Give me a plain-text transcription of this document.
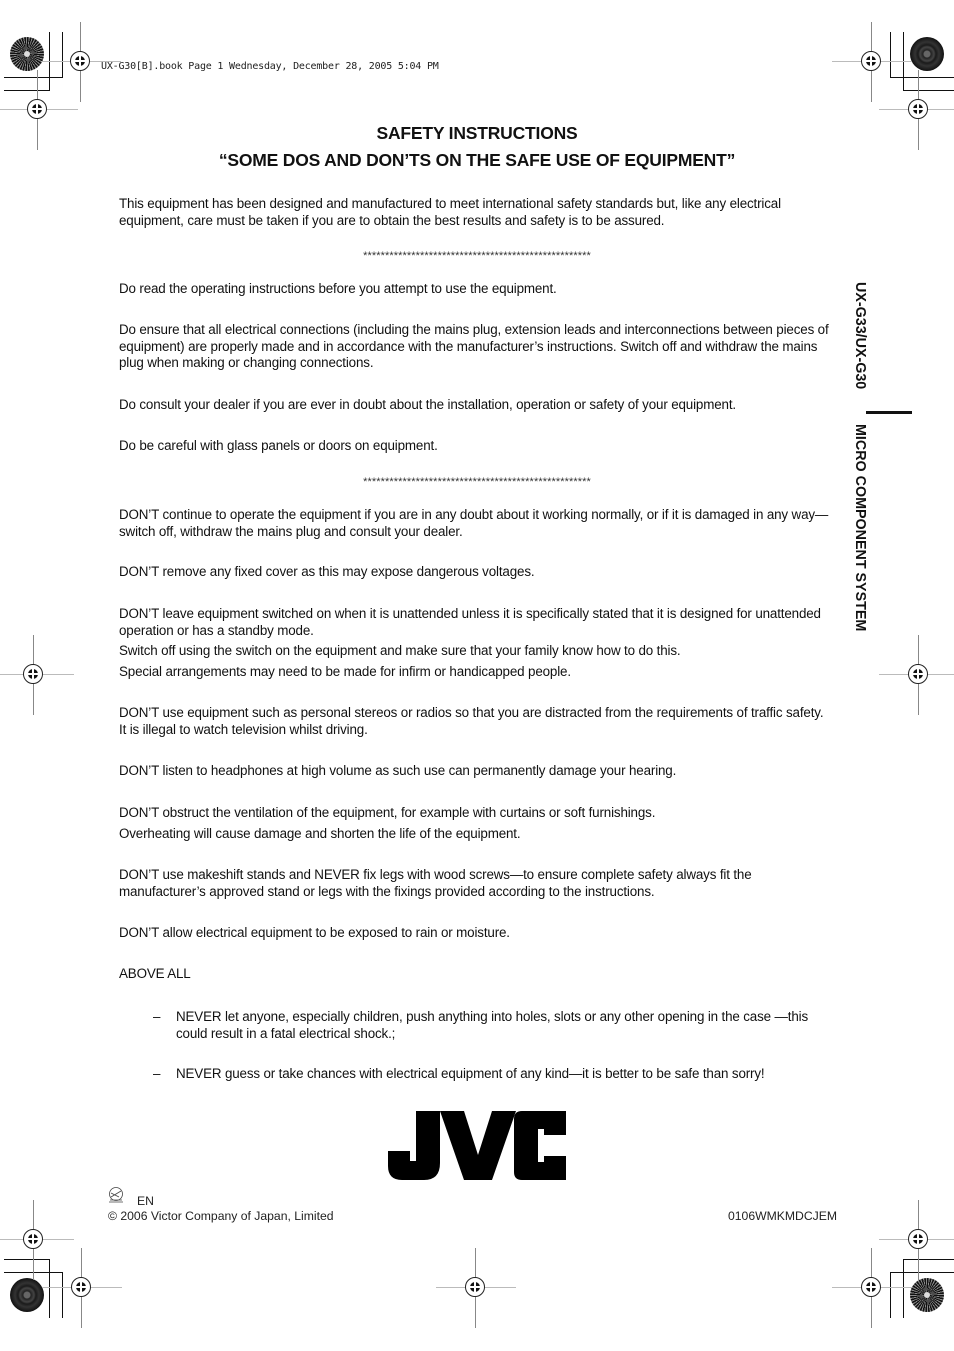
UX-G30[B].book Page 1 Wednesday, December 28, 2005 5:04 PM
SAFETY INSTRUCTIONS
“SOME DOS AND DON’TS ON THE SAFE USE OF EQUIPMENT”
This equipment has been designed and manufactured to meet international safety standards but, like any electrical equipment, care must be taken if you are to obtain the best results and safety is to be assured.
****************************************************
Do read the operating instructions before you attempt to use the equipment.
Do ensure that all electrical connections (including the mains plug, extension leads and interconnections between pieces of equipment) are properly made and in accordance with the manufacturer’s instructions. Switch off and withdraw the mains plug when making or changing connections.
Do consult your dealer if you are ever in doubt about the installation, operation or safety of your equipment.
Do be careful with glass panels or doors on equipment.
****************************************************
DON’T continue to operate the equipment if you are in any doubt about it working normally, or if it is damaged in any way—switch off, withdraw the mains plug and consult your dealer.
DON’T remove any fixed cover as this may expose dangerous voltages.
DON’T leave equipment switched on when it is unattended unless it is specifically stated that it is designed for unattended operation or has a standby mode.
Switch off using the switch on the equipment and make sure that your family know how to do this.
Special arrangements may need to be made for infirm or handicapped people.
DON’T use equipment such as personal stereos or radios so that you are distracted from the requirements of traffic safety. It is illegal to watch television whilst driving.
DON’T listen to headphones at high volume as such use can permanently damage your hearing.
DON’T obstruct the ventilation of the equipment, for example with curtains or soft furnishings.
Overheating will cause damage and shorten the life of the equipment.
DON’T use makeshift stands and NEVER fix legs with wood screws—to ensure complete safety always fit the manufacturer’s approved stand or legs with the fixings provided according to the instructions.
DON’T allow electrical equipment to be exposed to rain or moisture.
ABOVE ALL
– NEVER let anyone, especially children, push anything into holes, slots or any other opening in the case —this could result in a fatal electrical shock.;
– NEVER guess or take chances with electrical equipment of any kind—it is better to be safe than sorry!
UX-G33/UX-G30
MICRO COMPONENT SYSTEM
EN
© 2006 Victor Company of Japan, Limited	0106WMKMDCJEM
